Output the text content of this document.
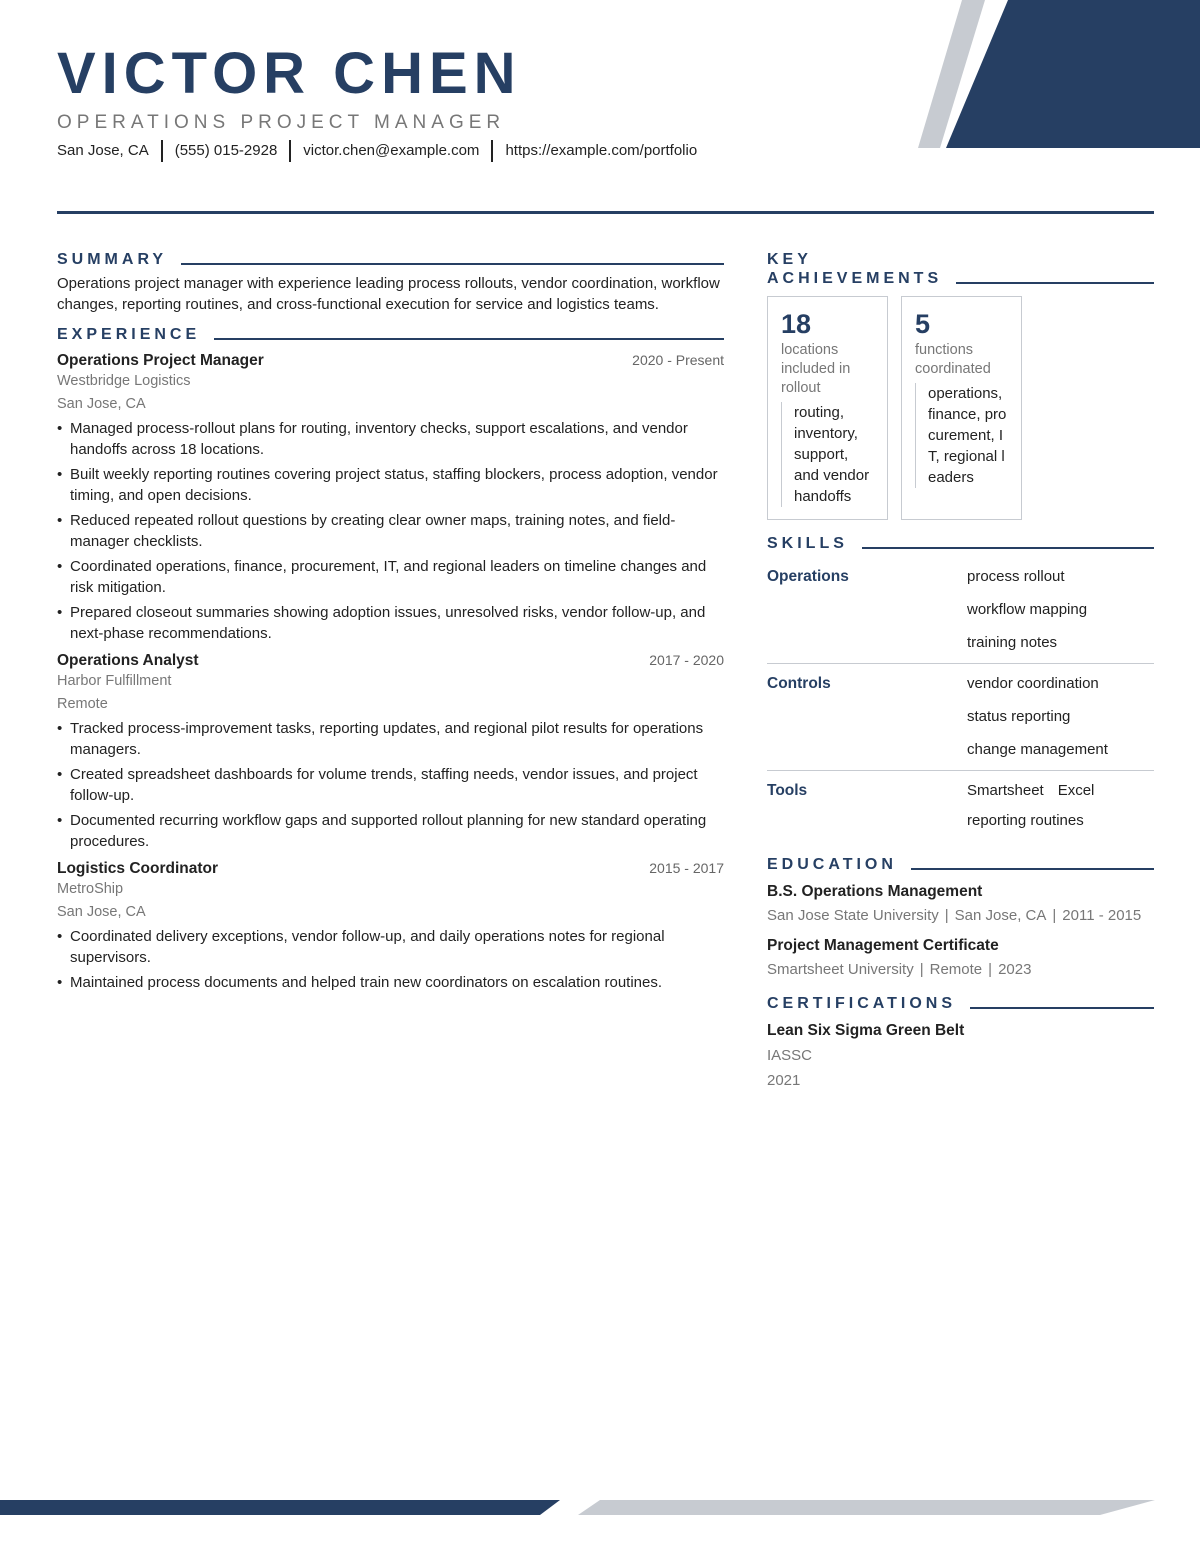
VICTOR CHEN
OPERATIONS PROJECT MANAGER
San Jose, CA	(555) 015-2928	victor.chen@example.com	https://example.com/portfolio
SUMMARY

Operations project manager with experience leading process rollouts, vendor coordination, workflow changes, reporting routines, and cross-functional execution for service and logistics teams.

EXPERIENCE
Operations Project Manager	2020 - Present
Westbridge Logistics
San Jose, CA
• Managed process-rollout plans for routing, inventory checks, support escalations, and vendor handoffs across 18 locations.
• Built weekly reporting routines covering project status, staffing blockers, process adoption, vendor timing, and open decisions.
• Reduced repeated rollout questions by creating clear owner maps, training notes, and field-manager checklists.
• Coordinated operations, finance, procurement, IT, and regional leaders on timeline changes and risk mitigation.
• Prepared closeout summaries showing adoption issues, unresolved risks, vendor follow-up, and next-phase recommendations.
Operations Analyst	2017 - 2020
Harbor Fulfillment
Remote
• Tracked process-improvement tasks, reporting updates, and regional pilot results for operations managers.
• Created spreadsheet dashboards for volume trends, staffing needs, vendor issues, and project follow-up.
• Documented recurring workflow gaps and supported rollout planning for new standard operating procedures.
Logistics Coordinator	2015 - 2017
MetroShip
San Jose, CA
• Coordinated delivery exceptions, vendor follow-up, and daily operations notes for regional supervisors.
• Maintained process documents and helped train new coordinators on escalation routines.
KEY
ACHIEVEMENTS
18
locations included in rollout
routing, inventory, support, and vendor handoffs
5
functions coordinated
operations, finance, procurement, IT, regional leaders
SKILLS
Operations	process rollout
workflow mapping
training notes
Controls	vendor coordination
status reporting
change management
Tools	Smartsheet Excel
reporting routines
EDUCATION
B.S. Operations Management
San Jose State University | San Jose, CA | 2011 - 2015
Project Management Certificate
Smartsheet University | Remote | 2023
CERTIFICATIONS
Lean Six Sigma Green Belt
IASSC
2021
